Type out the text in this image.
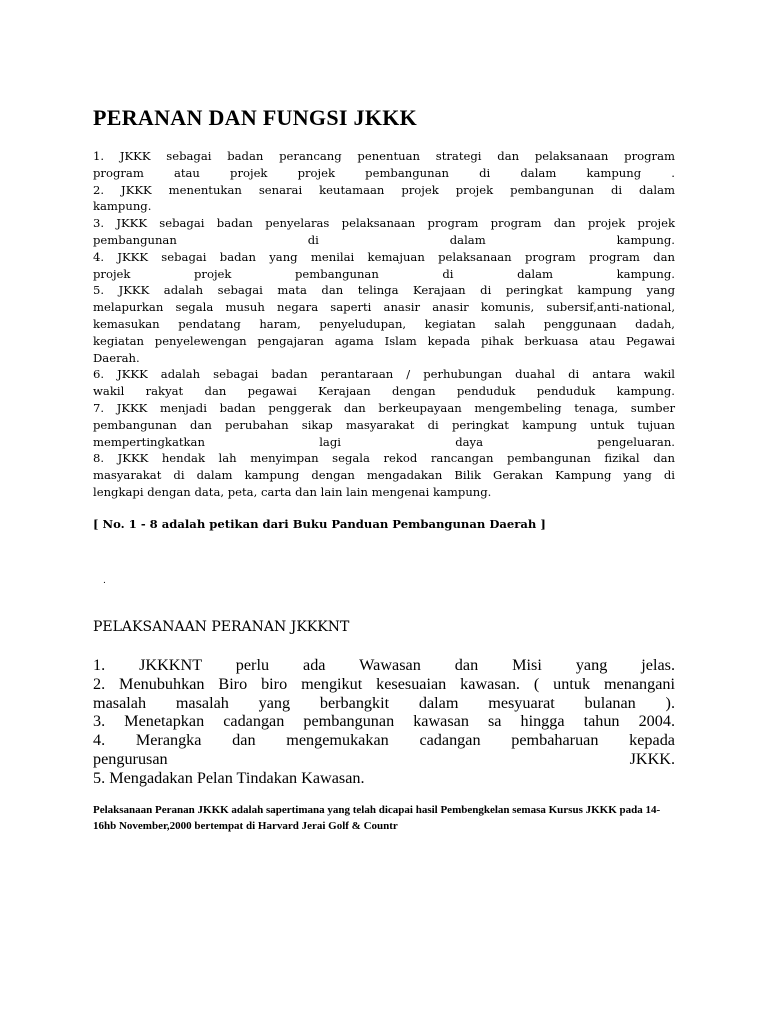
PERANAN DAN FUNGSI JKKK

1. JKKK sebagai badan perancang penentuan strategi dan pelaksanaan program

program atau projek projek pembangunan di dalam kampung .

2. JKKK menentukan senarai keutamaan projek projek pembangunan di dalam

kampung.

3. JKKK sebagai badan penyelaras pelaksanaan program program dan projek projek

pembangunan di dalam kampung.

4. JKKK sebagai badan yang menilai kemajuan pelaksanaan program program dan

projek projek pembangunan di dalam kampung.

5. JKKK adalah sebagai mata dan telinga Kerajaan di peringkat kampung yang

melapurkan segala musuh negara saperti anasir anasir komunis, subersif,anti-national,

kemasukan pendatang haram, penyeludupan, kegiatan salah penggunaan dadah,

kegiatan penyelewengan pengajaran agama Islam kepada pihak berkuasa atau Pegawai

Daerah.

6. JKKK adalah sebagai badan perantaraan / perhubungan duahal di antara wakil

wakil rakyat dan pegawai Kerajaan dengan penduduk penduduk kampung.

7. JKKK menjadi badan penggerak dan berkeupayaan mengembeling tenaga, sumber

pembangunan dan perubahan sikap masyarakat di peringkat kampung untuk tujuan

mempertingkatkan lagi daya pengeluaran.

8. JKKK hendak lah menyimpan segala rekod rancangan pembangunan fizikal dan

masyarakat di dalam kampung dengan mengadakan Bilik Gerakan Kampung yang di

lengkapi dengan data, peta, carta dan lain lain mengenai kampung.

[ No. 1 - 8 adalah petikan dari Buku Panduan Pembangunan Daerah ]
.
PELAKSANAAN PERANAN JKKKNT

1. JKKKNT perlu ada Wawasan dan Misi yang jelas.

2. Menubuhkan Biro biro mengikut kesesuaian kawasan. ( untuk menangani

masalah masalah yang berbangkit dalam mesyuarat bulanan ).

3. Menetapkan cadangan pembangunan kawasan sa hingga tahun 2004.

4. Merangka dan mengemukakan cadangan pembaharuan kepada

pengurusan JKKK.

5. Mengadakan Pelan Tindakan Kawasan.

Pelaksanaan Peranan JKKK adalah sapertimana yang telah dicapai hasil Pembengkelan semasa Kursus JKKK pada 14- 16hb November,2000 bertempat di Harvard Jerai Golf & Countr
